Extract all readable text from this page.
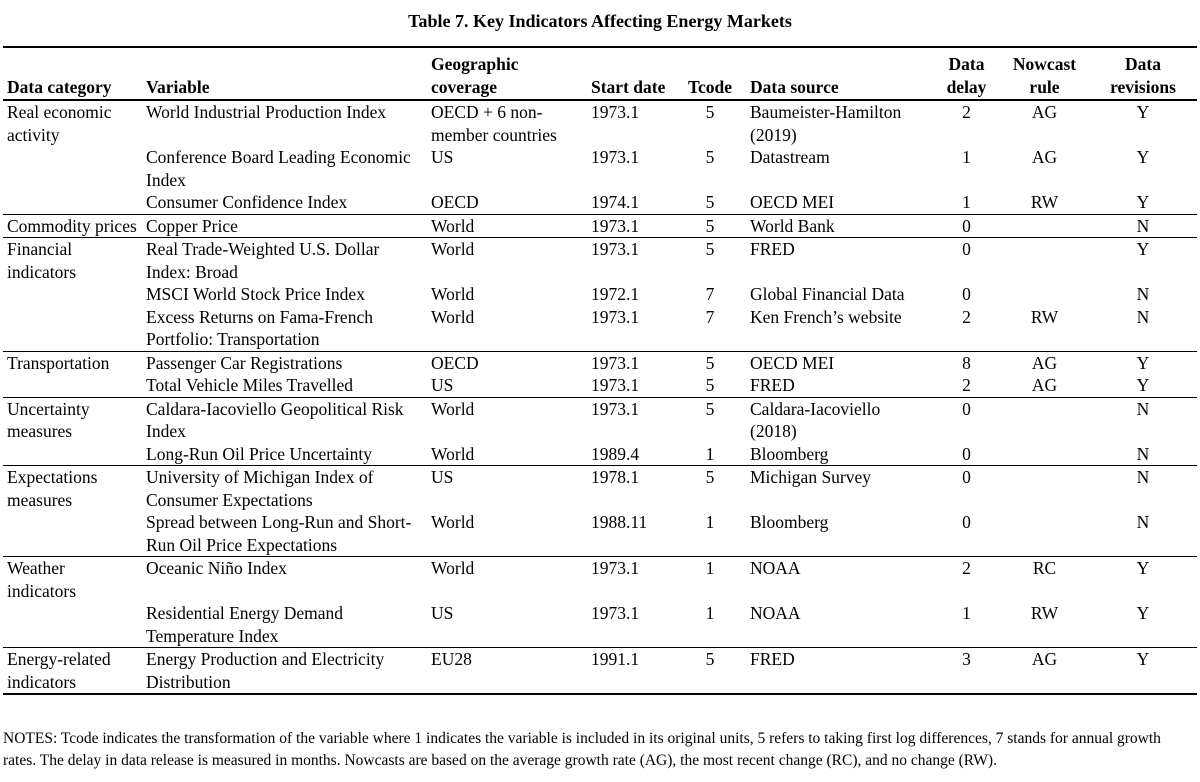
Table 7. Key Indicators Affecting Energy Markets
Data category	Variable	Geographic coverage	Start date	Tcode	Data source	Data delay	Nowcast rule	Data revisions
Real economic activity	World Industrial Production Index	OECD + 6 non-member countries	1973.1	5	Baumeister-Hamilton (2019)	2	AG	Y
	Conference Board Leading Economic Index	US	1973.1	5	Datastream	1	AG	Y
	Consumer Confidence Index	OECD	1974.1	5	OECD MEI	1	RW	Y
Commodity prices	Copper Price	World	1973.1	5	World Bank	0		N
Financial indicators	Real Trade-Weighted U.S. Dollar Index: Broad	World	1973.1	5	FRED	0		Y
	MSCI World Stock Price Index	World	1972.1	7	Global Financial Data	0		N
	Excess Returns on Fama-French Portfolio: Transportation	World	1973.1	7	Ken French’s website	2	RW	N
Transportation	Passenger Car Registrations	OECD	1973.1	5	OECD MEI	8	AG	Y
	Total Vehicle Miles Travelled	US	1973.1	5	FRED	2	AG	Y
Uncertainty measures	Caldara-Iacoviello Geopolitical Risk Index	World	1973.1	5	Caldara-Iacoviello (2018)	0		N
	Long-Run Oil Price Uncertainty	World	1989.4	1	Bloomberg	0		N
Expectations measures	University of Michigan Index of Consumer Expectations	US	1978.1	5	Michigan Survey	0		N
	Spread between Long-Run and Short-Run Oil Price Expectations	World	1988.11	1	Bloomberg	0		N
Weather indicators	Oceanic Niño Index	World	1973.1	1	NOAA	2	RC	Y
	Residential Energy Demand Temperature Index	US	1973.1	1	NOAA	1	RW	Y
Energy-related indicators	Energy Production and Electricity Distribution	EU28	1991.1	5	FRED	3	AG	Y
NOTES: Tcode indicates the transformation of the variable where 1 indicates the variable is included in its original units, 5 refers to taking first log differences, 7 stands for annual growth rates. The delay in data release is measured in months. Nowcasts are based on the average growth rate (AG), the most recent change (RC), and no change (RW).
